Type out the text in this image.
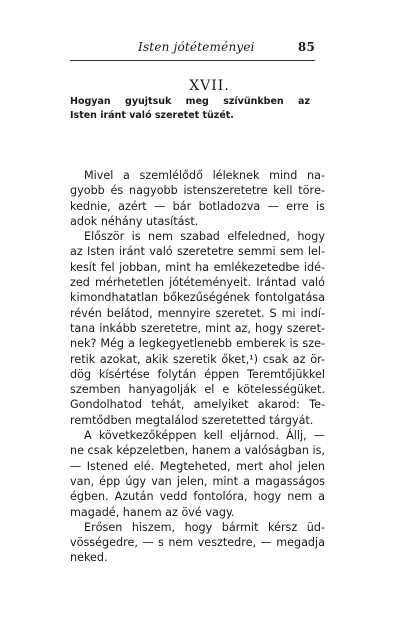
Isten jótéteményei	85
XVII.
Hogyan gyujtsuk meg szívünkben az
Isten iránt való szeretet tüzét.
Mivel a szemlélődő léleknek mind na-
gyobb és nagyobb istenszeretetre kell törе-
kednie, azért — bár botladozva — erre is
adok néhány utasítást.
Először is nem szabad elfeledned, hogy
az Isten iránt való szeretetre semmi sem lel-
kesít fel jobban, mint ha emlékezetedbe idé-
zed mérhetetlen jótéteményeit. Irántad való
kimondhatatlan bőkezűségének fontolgatása
révén belátod, mennyire szeretet. S mi indí-
tana inkább szeretetre, mint az, hogy szeret-
nek? Még a legkegyetlenebb emberek is sze-
retik azokat, akik szeretik őket,¹) csak az ör-
dög kísértése folytán éppen Teremtőjükkel
szemben hanyagolják el e kötelességüket.
Gondolhatod tehát, amelyiket akarod: Te-
remtődben megtalálod szeretetted tárgyát.
A következőképpen kell eljárnod. Állj, —
ne csak képzeletben, hanem a valóságban is,
— Istened elé. Megteheted, mert ahol jelen
van, épp úgy van jelen, mint a magasságos
égben. Azután vedd fontolóra, hogy nem a
magadé, hanem az övé vagy.
Erősen hiszem, hogy bármit kérsz üd-
vösségedre, — s nem vesztedre, — megadja
neked.
